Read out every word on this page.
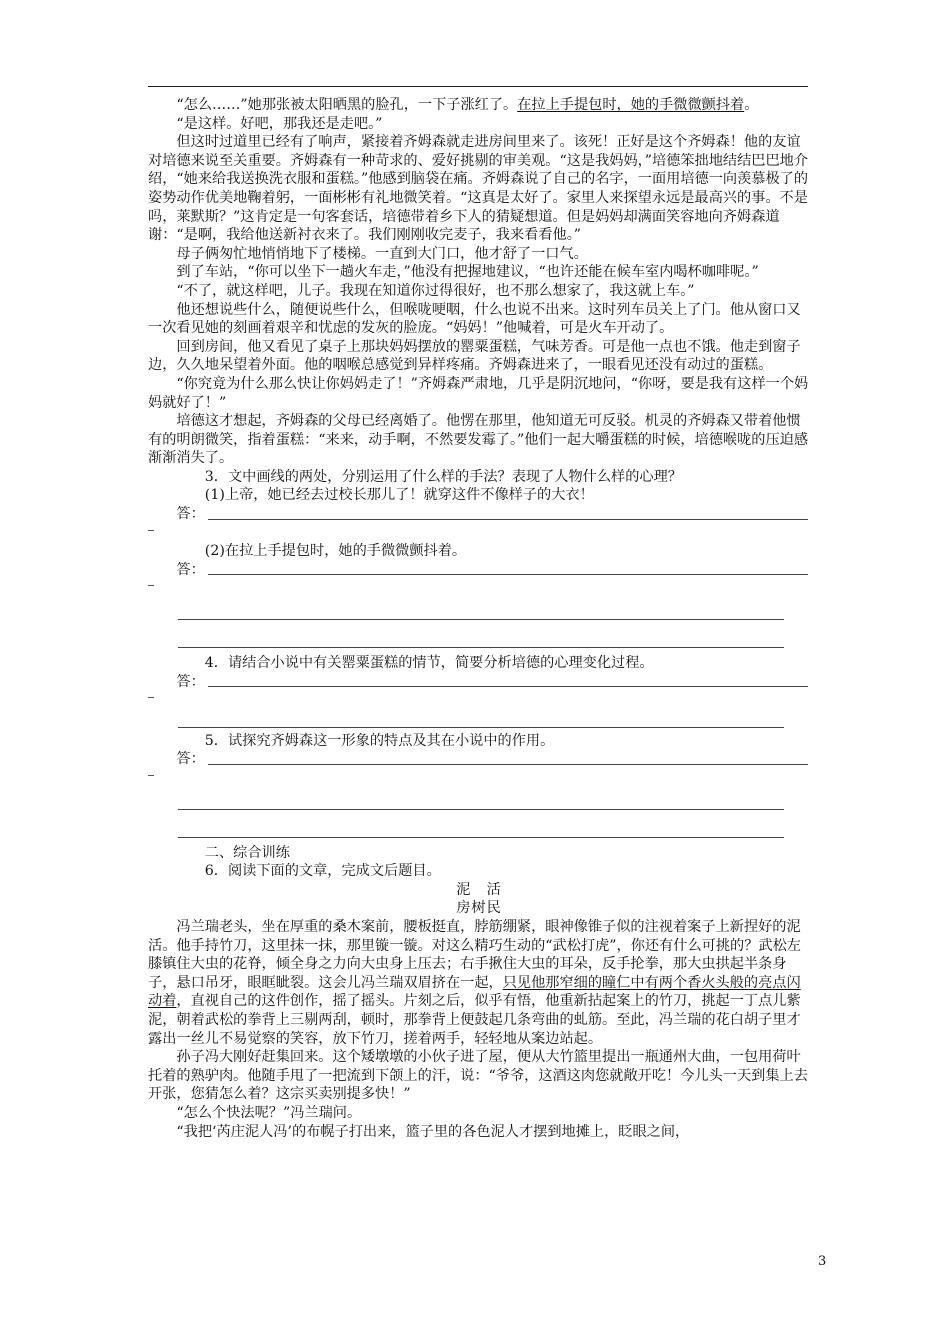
“怎么……”她那张被太阳晒黑的脸孔，一下子涨红了。在拉上手提包时，她的手微微颤抖着。

“是这样。好吧，那我还是走吧。”

但这时过道里已经有了响声，紧接着齐姆森就走进房间里来了。该死！正好是这个齐姆森！他的友谊对培德来说至关重要。齐姆森有一种苛求的、爱好挑剔的审美观。“这是我妈妈，”培德笨拙地结结巴巴地介绍，“她来给我送换洗衣服和蛋糕。”他感到脑袋在痛。齐姆森说了自己的名字，一面用培德一向羡慕极了的姿势动作优美地鞠着躬，一面彬彬有礼地微笑着。“这真是太好了。家里人来探望永远是最高兴的事。不是吗，莱默斯？”这肯定是一句客套话，培德带着乡下人的猜疑想道。但是妈妈却满面笑容地向齐姆森道谢：“是啊，我给他送新衬衣来了。我们刚刚收完麦子，我来看看他。”

母子俩匆忙地悄悄地下了楼梯。一直到大门口，他才舒了一口气。

到了车站，“你可以坐下一趟火车走，”他没有把握地建议，“也许还能在候车室内喝杯咖啡呢。”

“不了，就这样吧，儿子。我现在知道你过得很好，也不那么想家了，我这就上车。”

他还想说些什么，随便说些什么，但喉咙哽咽，什么也说不出来。这时列车员关上了门。他从窗口又一次看见她的刻画着艰辛和忧虑的发灰的脸庞。“妈妈！”他喊着，可是火车开动了。

回到房间，他又看见了桌子上那块妈妈摆放的罂粟蛋糕，气味芳香。可是他一点也不饿。他走到窗子边，久久地呆望着外面。他的咽喉总感觉到异样疼痛。齐姆森进来了，一眼看见还没有动过的蛋糕。

“你究竟为什么那么快让你妈妈走了！”齐姆森严肃地，几乎是阴沉地问，“你呀，要是我有这样一个妈妈就好了！”

培德这才想起，齐姆森的父母已经离婚了。他愣在那里，他知道无可反驳。机灵的齐姆森又带着他惯有的明朗微笑，指着蛋糕：“来来，动手啊，不然要发霉了。”他们一起大嚼蛋糕的时候，培德喉咙的压迫感渐渐消失了。

3．文中画线的两处，分别运用了什么样的手法？表现了人物什么样的心理？

(1)上帝，她已经去过校长那儿了！就穿这件不像样子的大衣！

答：

(2)在拉上手提包时，她的手微微颤抖着。

答：

4．请结合小说中有关罂粟蛋糕的情节，简要分析培德的心理变化过程。

答：

5．试探究齐姆森这一形象的特点及其在小说中的作用。

答：

二、综合训练

6．阅读下面的文章，完成文后题目。

泥　活

房树民

冯兰瑞老头，坐在厚重的桑木案前，腰板挺直，脖筋绷紧，眼神像锥子似的注视着案子上新捏好的泥活。他手持竹刀，这里抹一抹，那里镟一镟。对这么精巧生动的“武松打虎”，你还有什么可挑的？武松左膝镇住大虫的花脊，倾全身之力向大虫身上压去；右手揪住大虫的耳朵，反手抡拳，那大虫拱起半条身子，悬口吊牙，眼眶眦裂。这会儿冯兰瑞双眉挤在一起，只见他那窄细的瞳仁中有两个香火头般的亮点闪动着，直视自己的这件创作，摇了摇头。片刻之后，似乎有悟，他重新拈起案上的竹刀，挑起一丁点儿紫泥，朝着武松的拳背上三剔两刮，顿时，那拳背上便鼓起几条弯曲的虬筋。至此，冯兰瑞的花白胡子里才露出一丝儿不易觉察的笑容，放下竹刀，搓着两手，轻轻地从案边站起。

孙子冯大刚好赶集回来。这个矮墩墩的小伙子进了屋，便从大竹篮里提出一瓶通州大曲，一包用荷叶托着的熟驴肉。他随手甩了一把流到下颌上的汗，说：“爷爷，这酒这肉您就敞开吃！今儿头一天到集上去开张，您猜怎么着？这宗买卖别提多快！”

“怎么个快法呢？”冯兰瑞问。

“我把‘芮庄泥人冯’的布幌子打出来，篮子里的各色泥人才摆到地摊上，眨眼之间，

3
